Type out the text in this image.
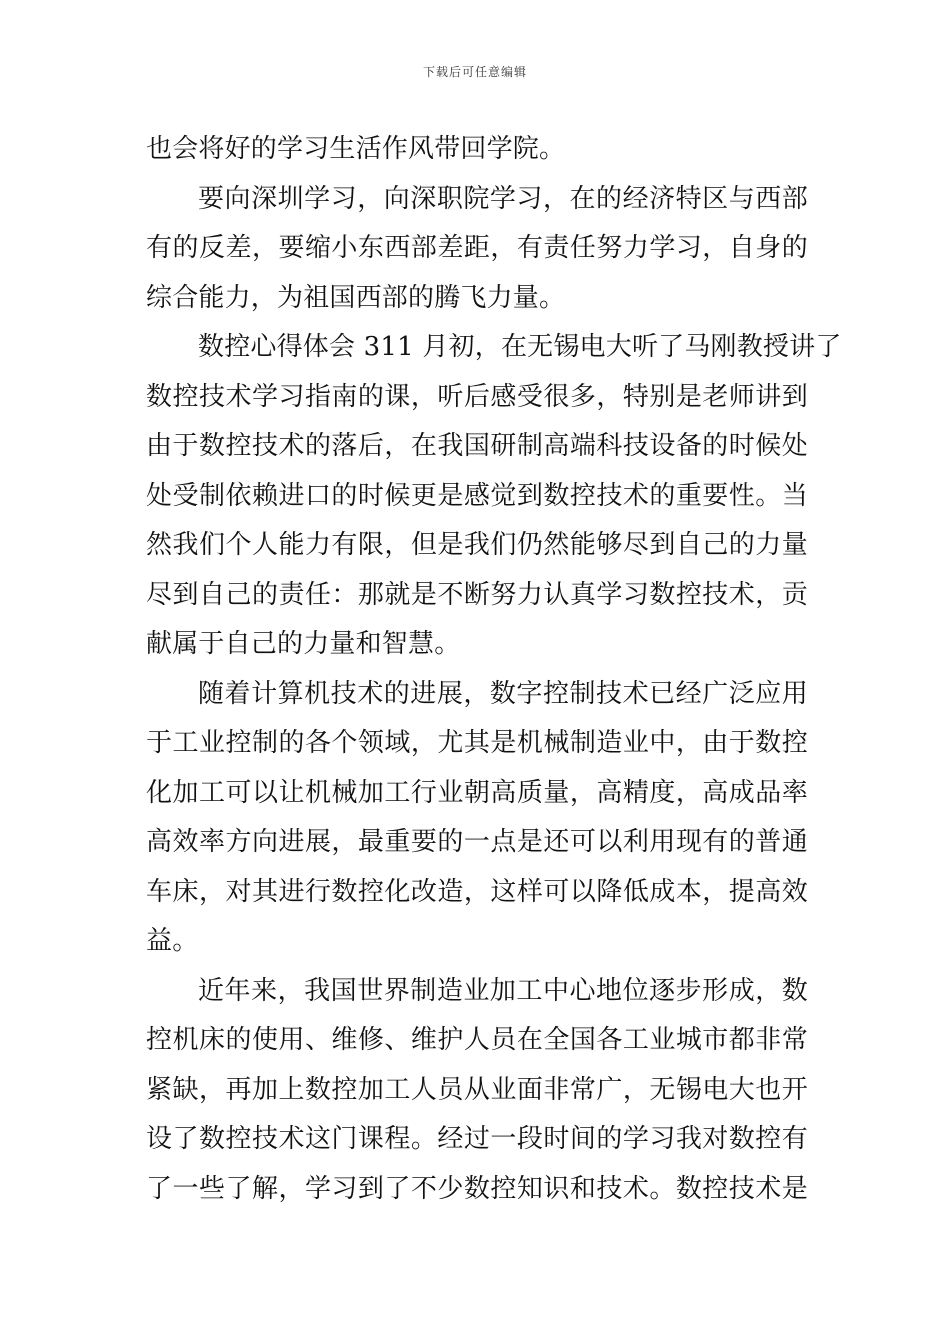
下载后可任意编辑
也会将好的学习生活作风带回学院。
要向深圳学习，向深职院学习，在的经济特区与西部
有的反差，要缩小东西部差距，有责任努力学习，自身的
综合能力，为祖国西部的腾飞力量。
数控心得体会 311 月初，在无锡电大听了马刚教授讲了
数控技术学习指南的课，听后感受很多，特别是老师讲到
由于数控技术的落后，在我国研制高端科技设备的时候处
处受制依赖进口的时候更是感觉到数控技术的重要性。当
然我们个人能力有限，但是我们仍然能够尽到自己的力量
尽到自己的责任：那就是不断努力认真学习数控技术，贡
献属于自己的力量和智慧。
随着计算机技术的进展，数字控制技术已经广泛应用
于工业控制的各个领域，尤其是机械制造业中，由于数控
化加工可以让机械加工行业朝高质量，高精度，高成品率
高效率方向进展，最重要的一点是还可以利用现有的普通
车床，对其进行数控化改造，这样可以降低成本，提高效
益。
近年来，我国世界制造业加工中心地位逐步形成，数
控机床的使用、维修、维护人员在全国各工业城市都非常
紧缺，再加上数控加工人员从业面非常广，无锡电大也开
设了数控技术这门课程。经过一段时间的学习我对数控有
了一些了解，学习到了不少数控知识和技术。数控技术是
